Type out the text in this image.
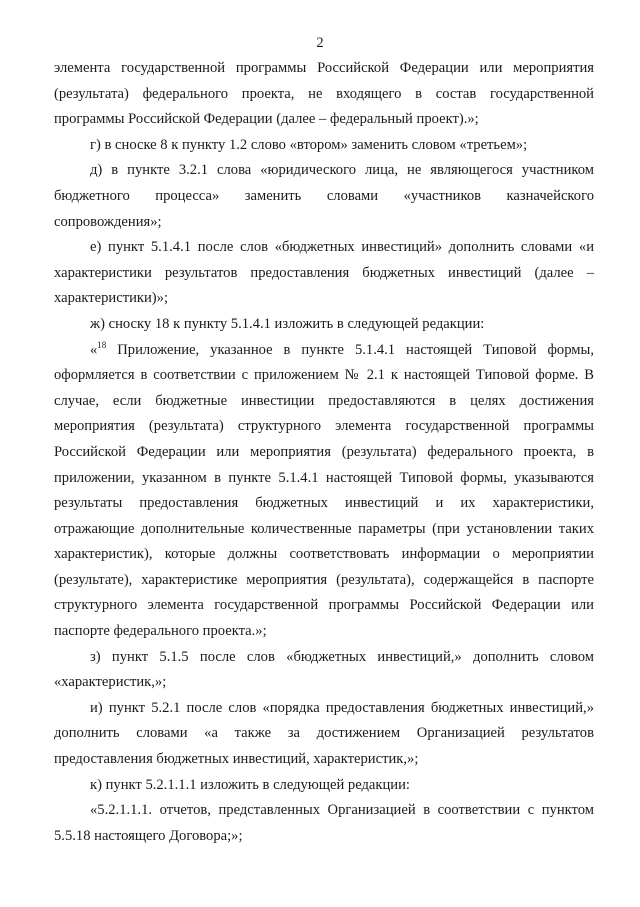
2

элемента государственной программы Российской Федерации или мероприятия (результата) федерального проекта, не входящего в состав государственной программы Российской Федерации (далее – федеральный проект).»;

г) в сноске 8 к пункту 1.2 слово «втором» заменить словом «третьем»;

д) в пункте 3.2.1 слова «юридического лица, не являющегося участником бюджетного процесса» заменить словами «участников казначейского сопровождения»;

е) пункт 5.1.4.1 после слов «бюджетных инвестиций» дополнить словами «и характеристики результатов предоставления бюджетных инвестиций (далее – характеристики)»;

ж) сноску 18 к пункту 5.1.4.1 изложить в следующей редакции:

«$^{18}$ Приложение, указанное в пункте 5.1.4.1 настоящей Типовой формы, оформляется в соответствии с приложением № 2.1 к настоящей Типовой форме. В случае, если бюджетные инвестиции предоставляются в целях достижения мероприятия (результата) структурного элемента государственной программы Российской Федерации или мероприятия (результата) федерального проекта, в приложении, указанном в пункте 5.1.4.1 настоящей Типовой формы, указываются результаты предоставления бюджетных инвестиций и их характеристики, отражающие дополнительные количественные параметры (при установлении таких характеристик), которые должны соответствовать информации о мероприятии (результате), характеристике мероприятия (результата), содержащейся в паспорте структурного элемента государственной программы Российской Федерации или паспорте федерального проекта.»;

з) пункт 5.1.5 после слов «бюджетных инвестиций,» дополнить словом «характеристик,»;

и) пункт 5.2.1 после слов «порядка предоставления бюджетных инвестиций,» дополнить словами «а также за достижением Организацией результатов предоставления бюджетных инвестиций, характеристик,»;

к) пункт 5.2.1.1.1 изложить в следующей редакции:

«5.2.1.1.1. отчетов, представленных Организацией в соответствии с пунктом 5.5.18 настоящего Договора;»;
